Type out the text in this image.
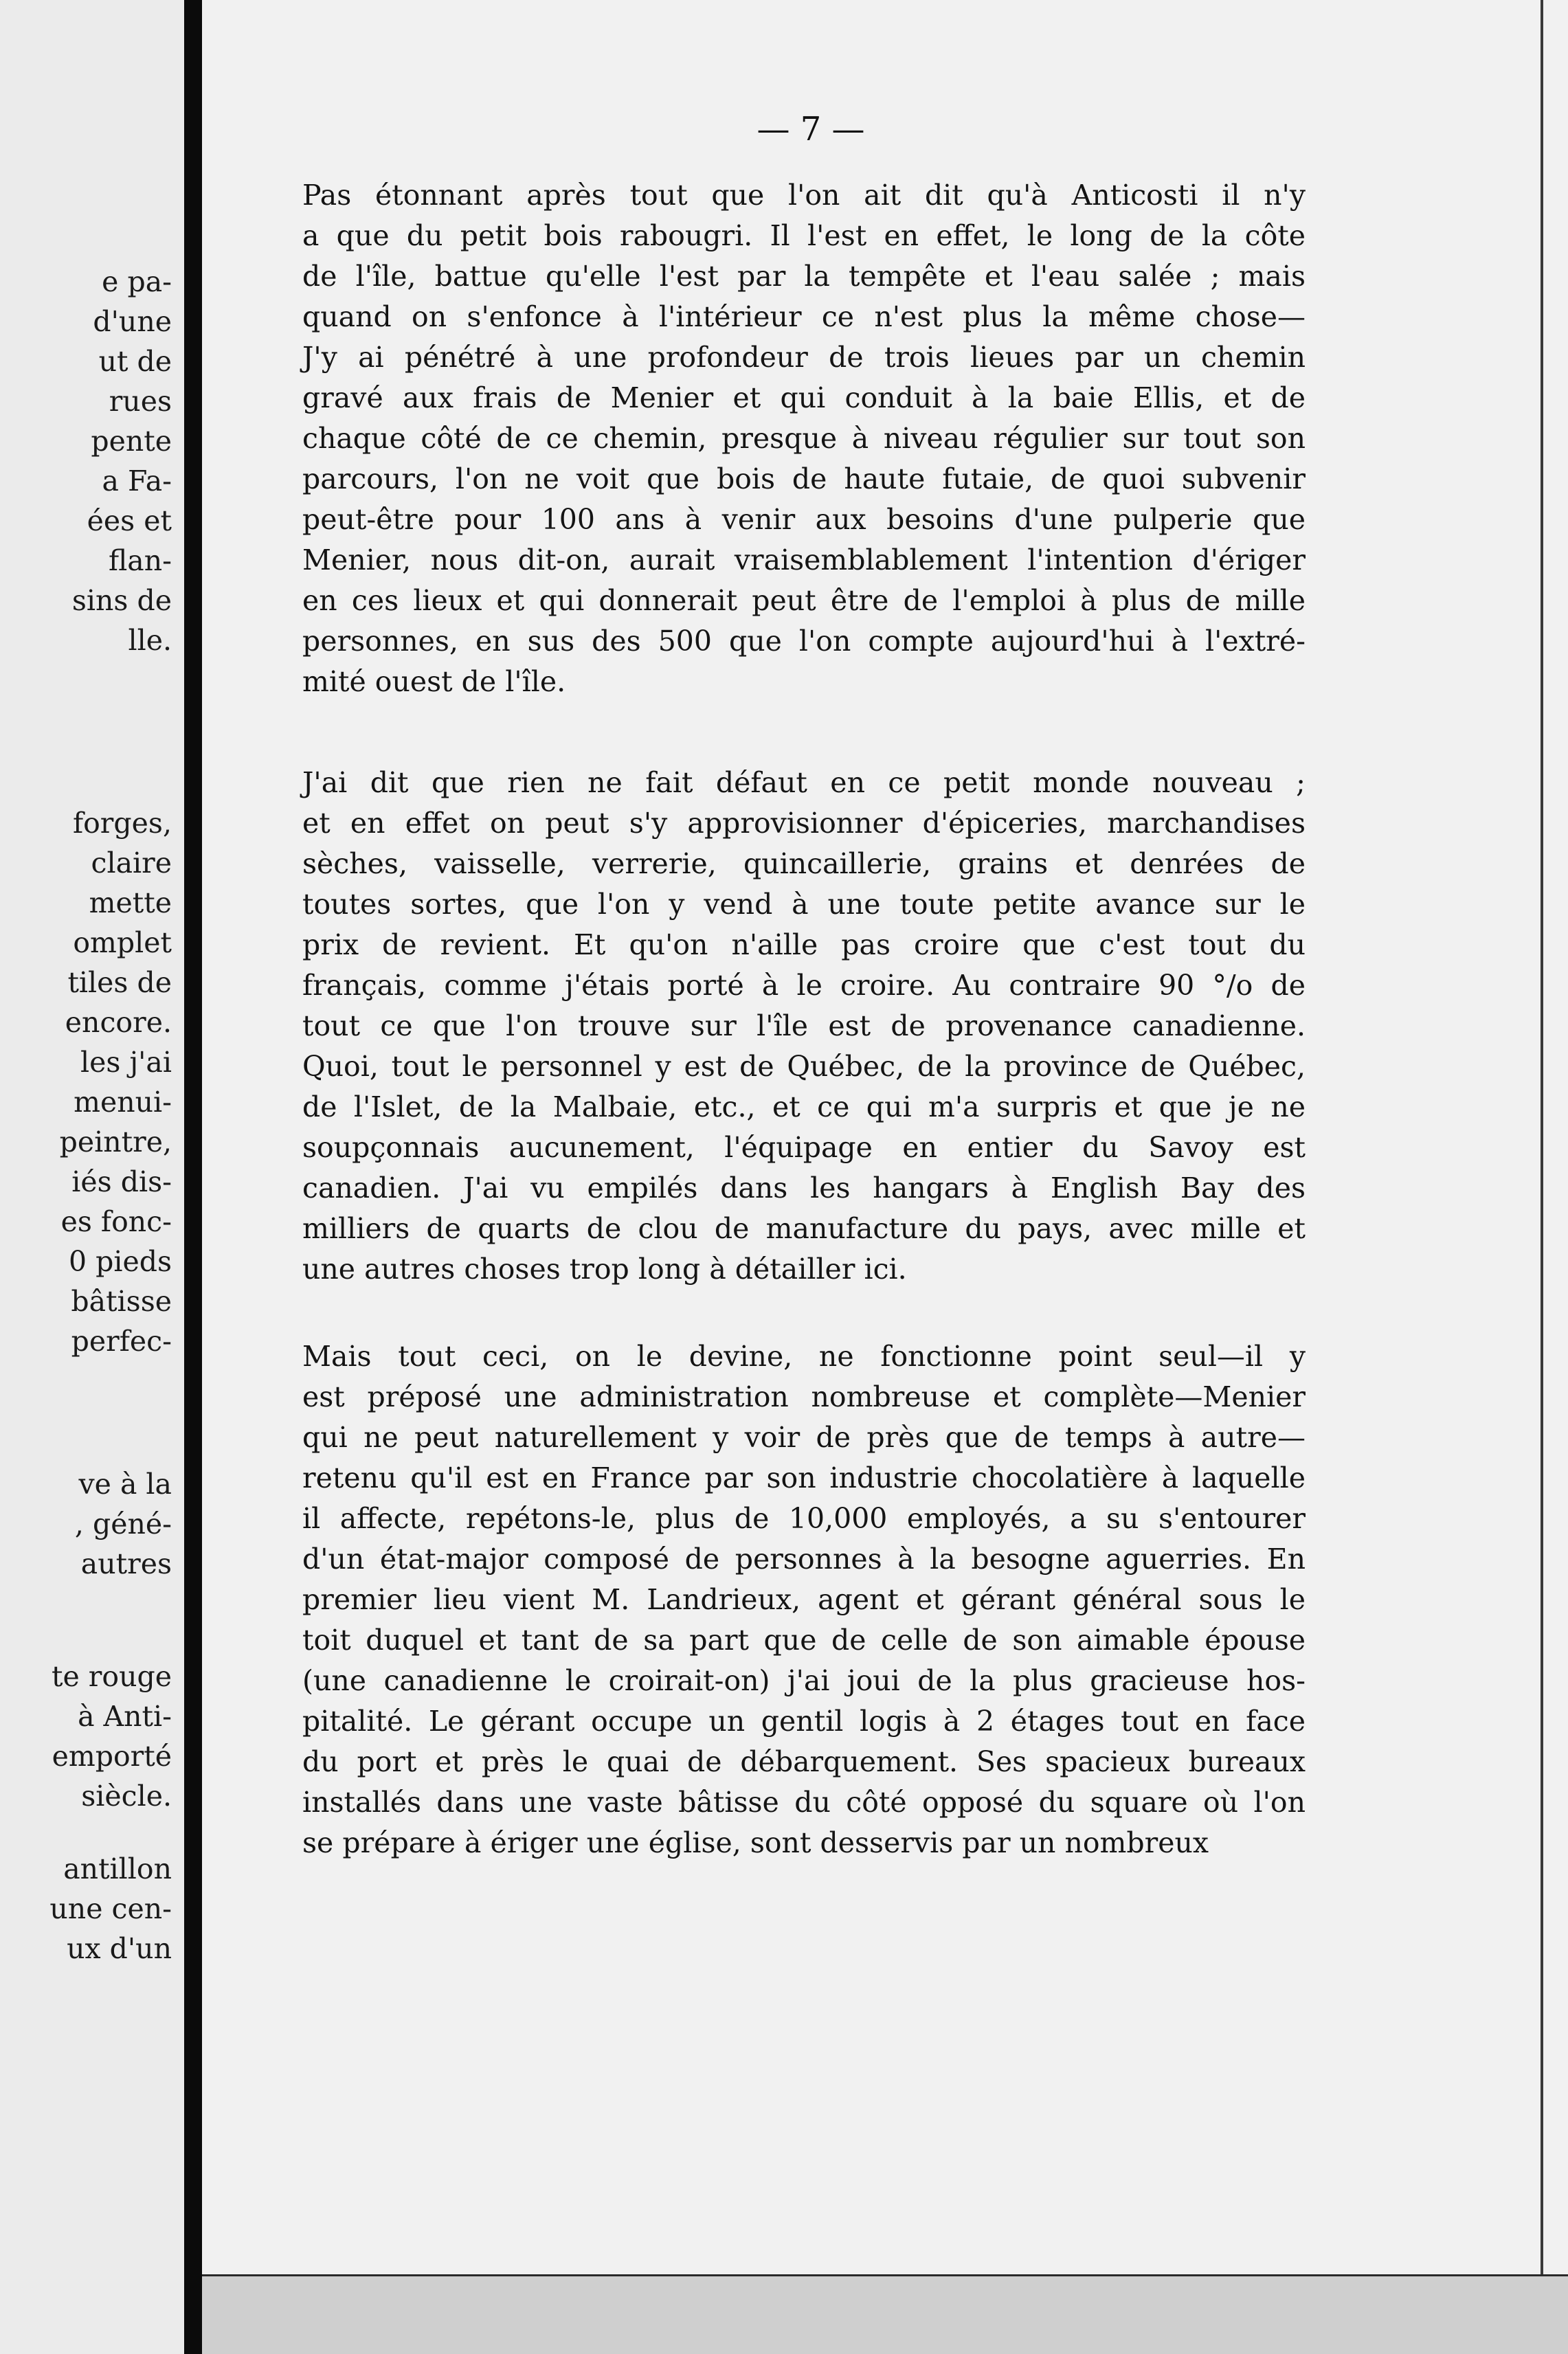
e pa-
d'une
ut de
rues
pente
a Fa-
ées et
flan-
sins de
lle.
forges,
claire
mette
omplet
tiles de
encore.
les j'ai
menui-
peintre,
iés dis-
es fonc-
0 pieds
bâtisse
perfec-
ve à la
, géné-
autres
te rouge
à Anti-
emporté
siècle.
antillon
une cen-
ux d'un
— 7 —
Pas étonnant après tout que l'on ait dit qu'à Anticosti il n'y
a que du petit bois rabougri. Il l'est en effet, le long de la côte
de l'île, battue qu'elle l'est par la tempête et l'eau salée ; mais
quand on s'enfonce à l'intérieur ce n'est plus la même chose—
J'y ai pénétré à une profondeur de trois lieues par un chemin
gravé aux frais de Menier et qui conduit à la baie Ellis, et de
chaque côté de ce chemin, presque à niveau régulier sur tout son
parcours, l'on ne voit que bois de haute futaie, de quoi subvenir
peut-être pour 100 ans à venir aux besoins d'une pulperie que
Menier, nous dit-on, aurait vraisemblablement l'intention d'ériger
en ces lieux et qui donnerait peut être de l'emploi à plus de mille
personnes, en sus des 500 que l'on compte aujourd'hui à l'extré-
mité ouest de l'île.
J'ai dit que rien ne fait défaut en ce petit monde nouveau ;
et en effet on peut s'y approvisionner d'épiceries, marchandises
sèches, vaisselle, verrerie, quincaillerie, grains et denrées de
toutes sortes, que l'on y vend à une toute petite avance sur le
prix de revient. Et qu'on n'aille pas croire que c'est tout du
français, comme j'étais porté à le croire. Au contraire 90 °/o de
tout ce que l'on trouve sur l'île est de provenance canadienne.
Quoi, tout le personnel y est de Québec, de la province de Québec,
de l'Islet, de la Malbaie, etc., et ce qui m'a surpris et que je ne
soupçonnais aucunement, l'équipage en entier du Savoy est
canadien. J'ai vu empilés dans les hangars à English Bay des
milliers de quarts de clou de manufacture du pays, avec mille et
une autres choses trop long à détailler ici.
Mais tout ceci, on le devine, ne fonctionne point seul—il y
est préposé une administration nombreuse et complète—Menier
qui ne peut naturellement y voir de près que de temps à autre—
retenu qu'il est en France par son industrie chocolatière à laquelle
il affecte, repétons-le, plus de 10,000 employés, a su s'entourer
d'un état-major composé de personnes à la besogne aguerries. En
premier lieu vient M. Landrieux, agent et gérant général sous le
toit duquel et tant de sa part que de celle de son aimable épouse
(une canadienne le croirait-on) j'ai joui de la plus gracieuse hos-
pitalité. Le gérant occupe un gentil logis à 2 étages tout en face
du port et près le quai de débarquement. Ses spacieux bureaux
installés dans une vaste bâtisse du côté opposé du square où l'on
se prépare à ériger une église, sont desservis par un nombreux
